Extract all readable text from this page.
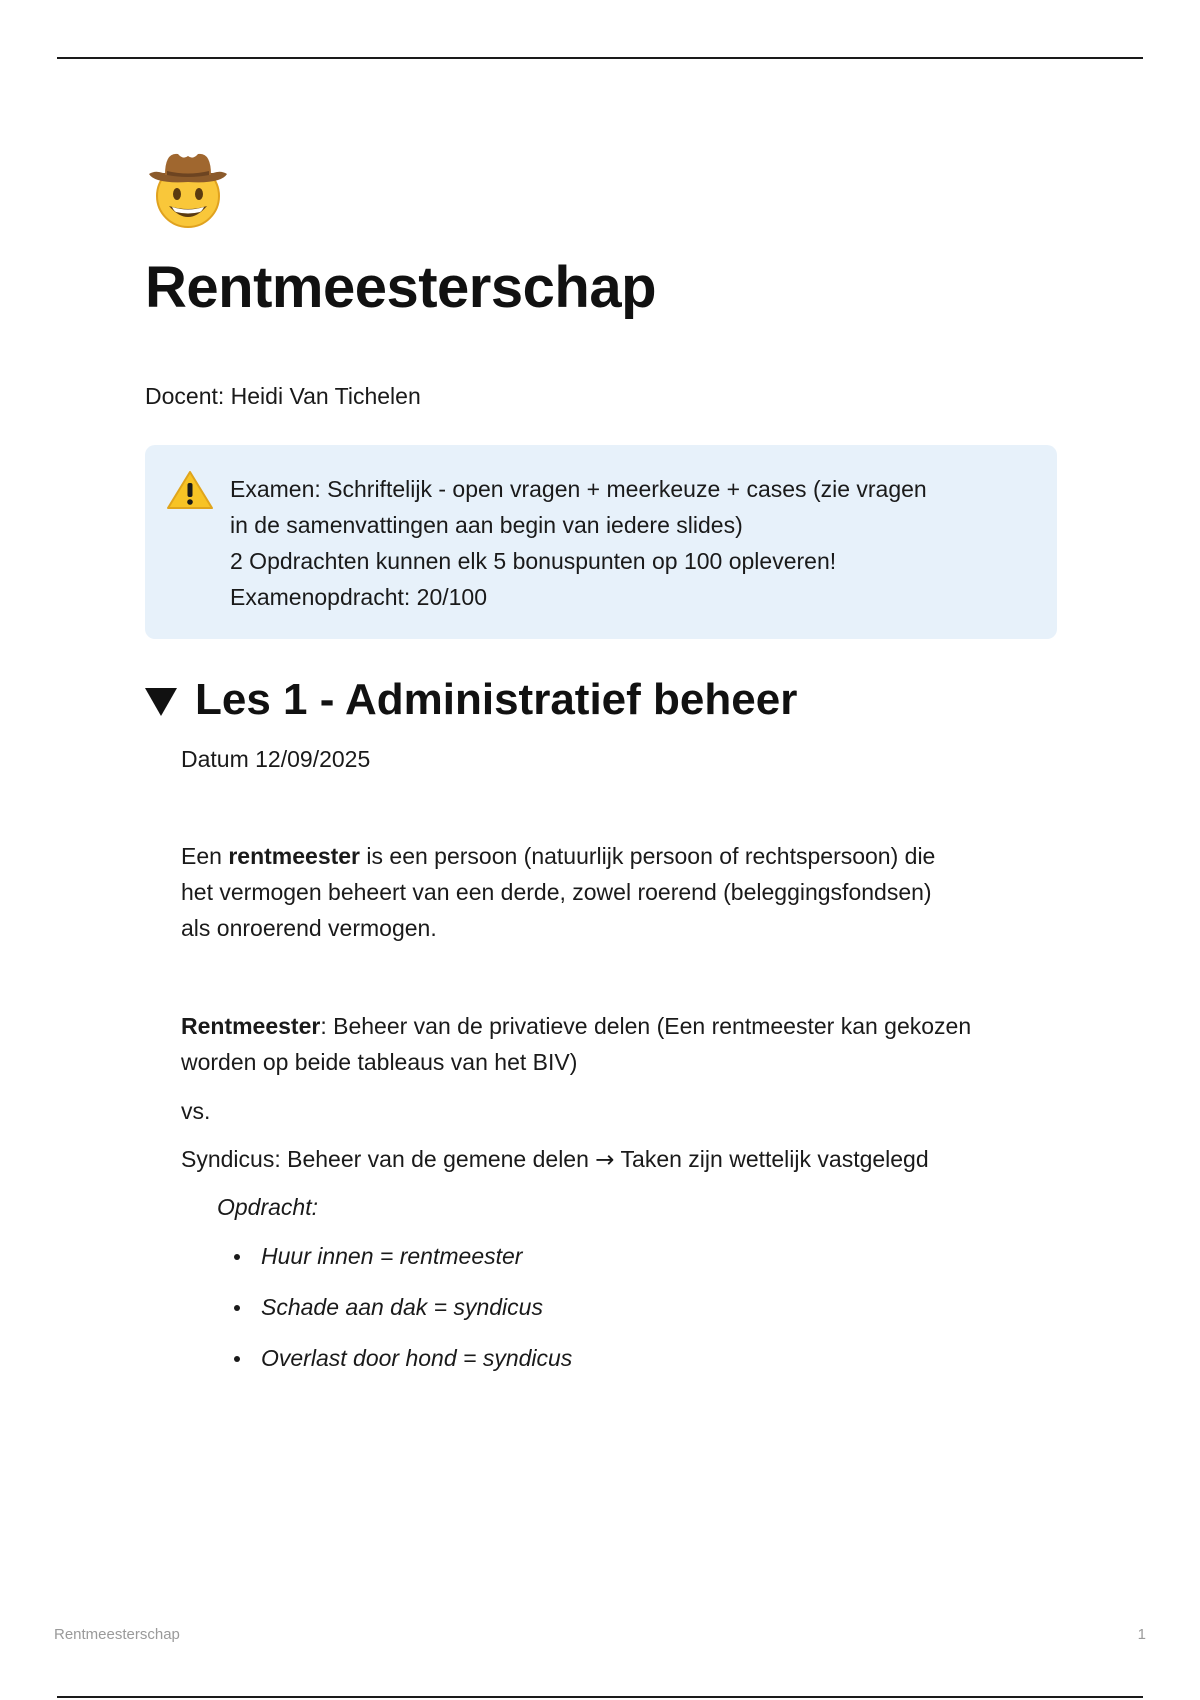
Rentmeesterschap
Docent: Heidi Van Tichelen
Examen: Schriftelijk - open vragen + meerkeuze + cases (zie vragen
in de samenvattingen aan begin van iedere slides)
2 Opdrachten kunnen elk 5 bonuspunten op 100 opleveren!
Examenopdracht: 20/100
Les 1 - Administratief beheer
Datum 12/09/2025
Een rentmeester is een persoon (natuurlijk persoon of rechtspersoon) die
het vermogen beheert van een derde, zowel roerend (beleggingsfondsen)
als onroerend vermogen.
Rentmeester: Beheer van de privatieve delen (Een rentmeester kan gekozen
worden op beide tableaus van het BIV)
vs.
Syndicus: Beheer van de gemene delen → Taken zijn wettelijk vastgelegd
Opdracht:
Huur innen = rentmeester
Schade aan dak = syndicus
Overlast door hond = syndicus
Rentmeesterschap	1
